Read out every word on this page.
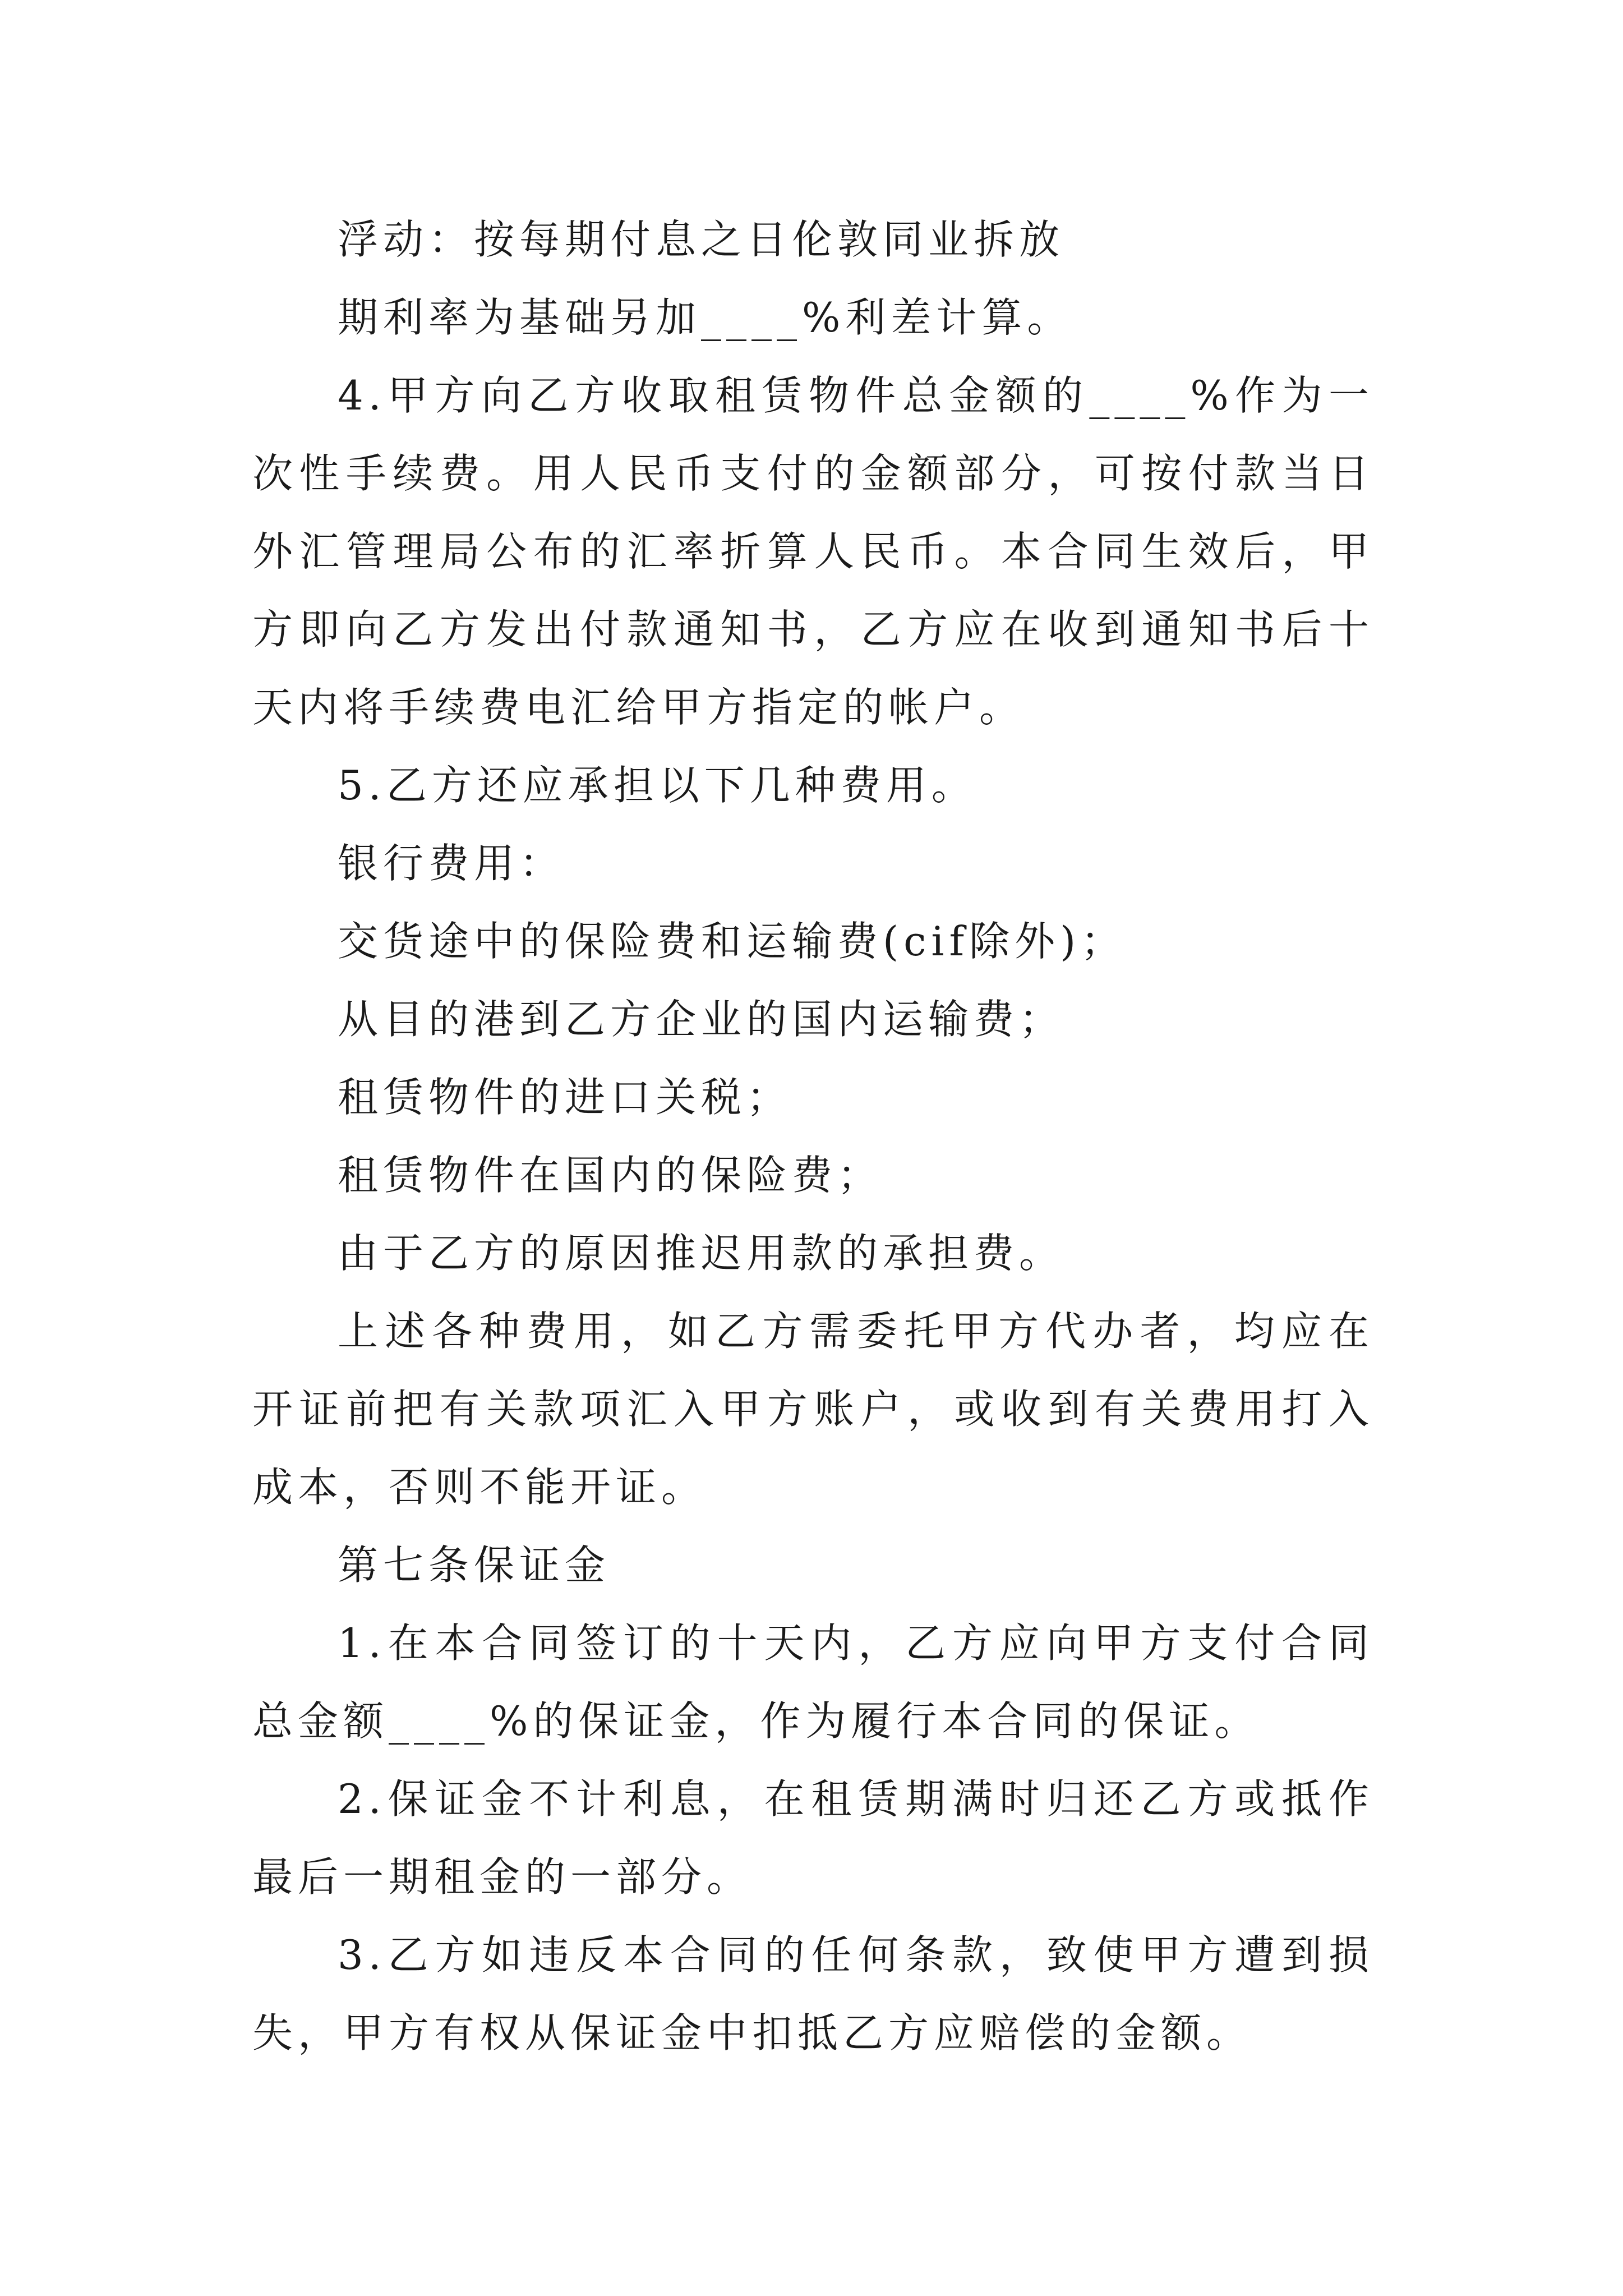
浮动：按每期付息之日伦敦同业拆放

期利率为基础另加____%利差计算。

4.甲方向乙方收取租赁物件总金额的____%作为一次性手续费。用人民币支付的金额部分，可按付款当日外汇管理局公布的汇率折算人民币。本合同生效后，甲方即向乙方发出付款通知书，乙方应在收到通知书后十天内将手续费电汇给甲方指定的帐户。

5.乙方还应承担以下几种费用。

银行费用：

交货途中的保险费和运输费(cif除外)；

从目的港到乙方企业的国内运输费；

租赁物件的进口关税；

租赁物件在国内的保险费；

由于乙方的原因推迟用款的承担费。

上述各种费用，如乙方需委托甲方代办者，均应在开证前把有关款项汇入甲方账户，或收到有关费用打入成本，否则不能开证。

第七条保证金

1.在本合同签订的十天内，乙方应向甲方支付合同总金额____%的保证金，作为履行本合同的保证。

2.保证金不计利息，在租赁期满时归还乙方或抵作最后一期租金的一部分。

3.乙方如违反本合同的任何条款，致使甲方遭到损失，甲方有权从保证金中扣抵乙方应赔偿的金额。
